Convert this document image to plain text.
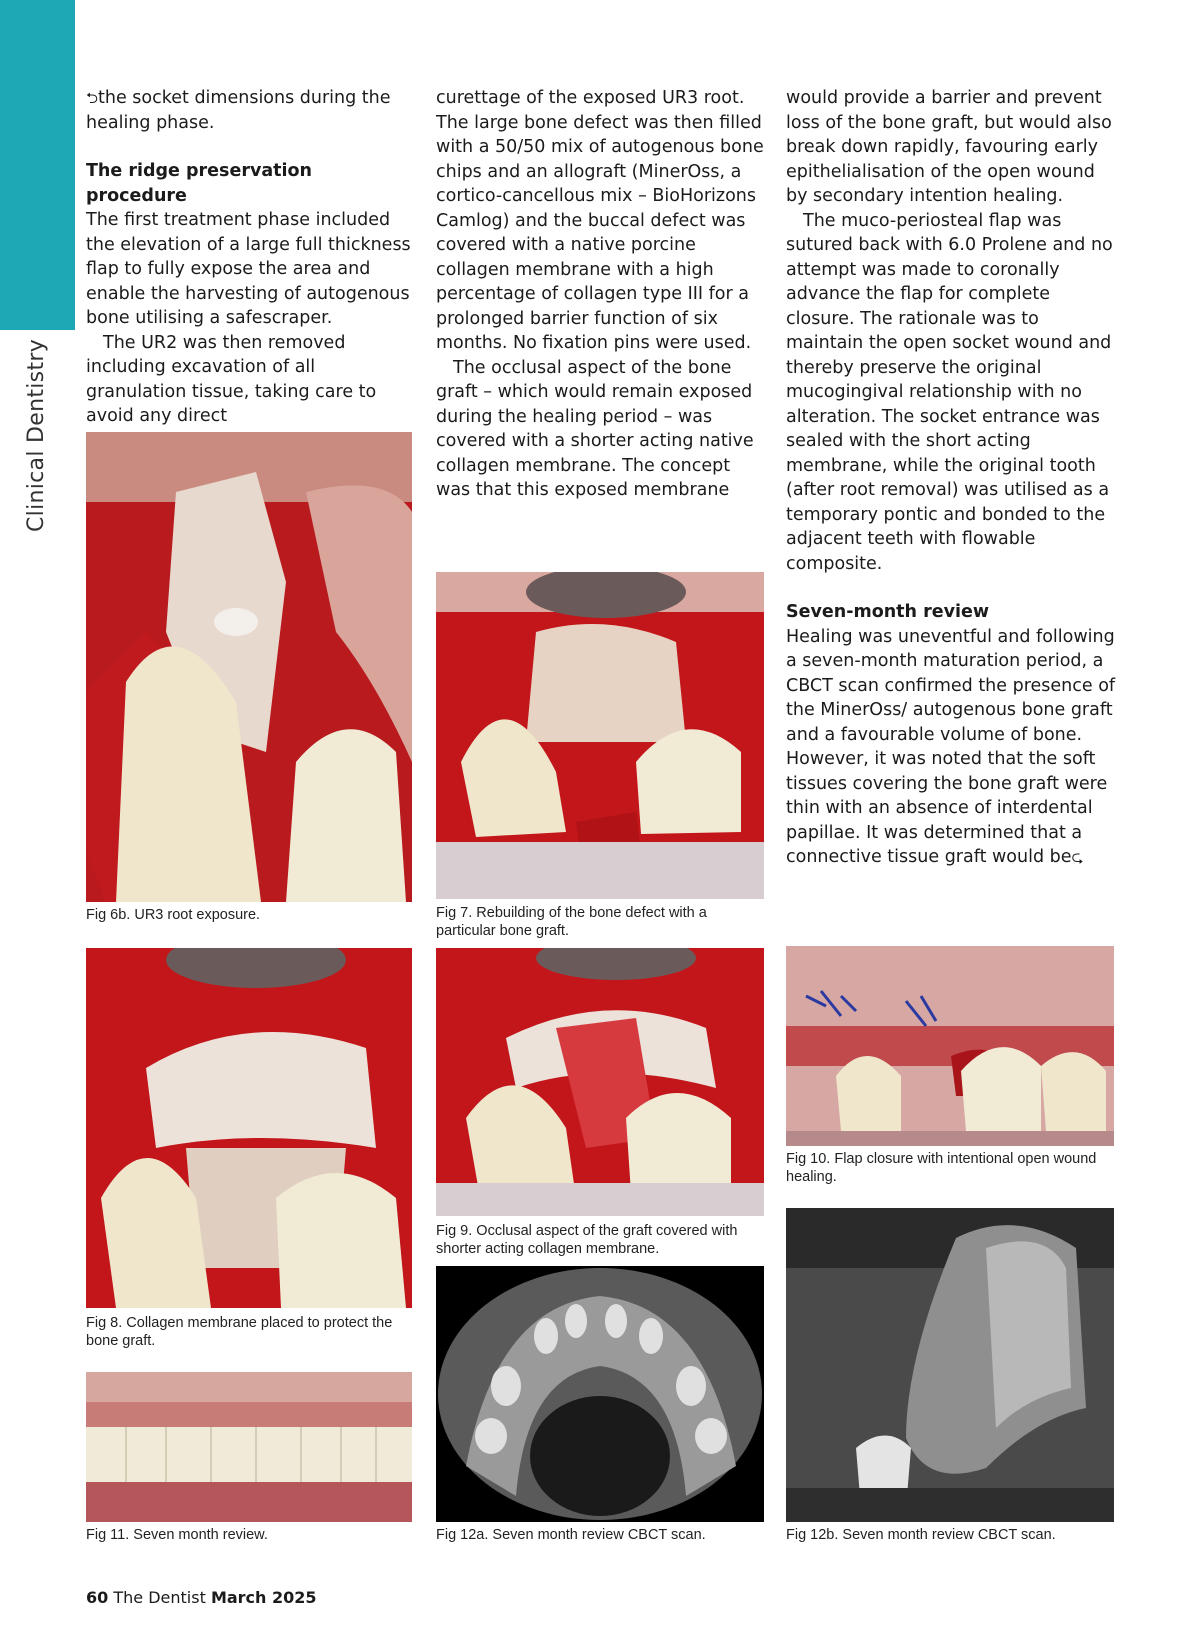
Clinical Dentistry

⮌the socket dimensions during the healing phase.

The ridge preservation procedure

The first treatment phase included the elevation of a large full thickness flap to fully expose the area and enable the harvesting of autogenous bone utilising a safescraper.

The UR2 was then removed including excavation of all granulation tissue, taking care to avoid any direct

curettage of the exposed UR3 root. The large bone defect was then filled with a 50/50 mix of autogenous bone chips and an allograft (MinerOss, a cortico-cancellous mix – BioHorizons Camlog) and the buccal defect was covered with a native porcine collagen membrane with a high percentage of collagen type III for a prolonged barrier function of six months. No fixation pins were used.

The occlusal aspect of the bone graft – which would remain exposed during the healing period – was covered with a shorter acting native collagen membrane. The concept was that this exposed membrane

would provide a barrier and prevent loss of the bone graft, but would also break down rapidly, favouring early epithelialisation of the open wound by secondary intention healing.

The muco-periosteal flap was sutured back with 6.0 Prolene and no attempt was made to coronally advance the flap for complete closure. The rationale was to maintain the open socket wound and thereby preserve the original mucogingival relationship with no alteration. The socket entrance was sealed with the short acting membrane, while the original tooth (after root removal) was utilised as a temporary pontic and bonded to the adjacent teeth with flowable composite.

Seven-month review

Healing was uneventful and following a seven-month maturation period, a CBCT scan confirmed the presence of the MinerOss/ autogenous bone graft and a favourable volume of bone. However, it was noted that the soft tissues covering the bone graft were thin with an absence of interdental papillae. It was determined that a connective tissue graft would be⮎

Fig 6b. UR3 root exposure.	Fig 7. Rebuilding of the bone defect with a particular bone graft.
Fig 8. Collagen membrane placed to protect the bone graft.
Fig 9. Occlusal aspect of the graft covered with shorter acting collagen membrane.
Fig 10. Flap closure with intentional open wound healing.
Fig 11. Seven month review.	Fig 12a. Seven month review CBCT scan.	Fig 12b. Seven month review CBCT scan.
60 The Dentist March 2025
